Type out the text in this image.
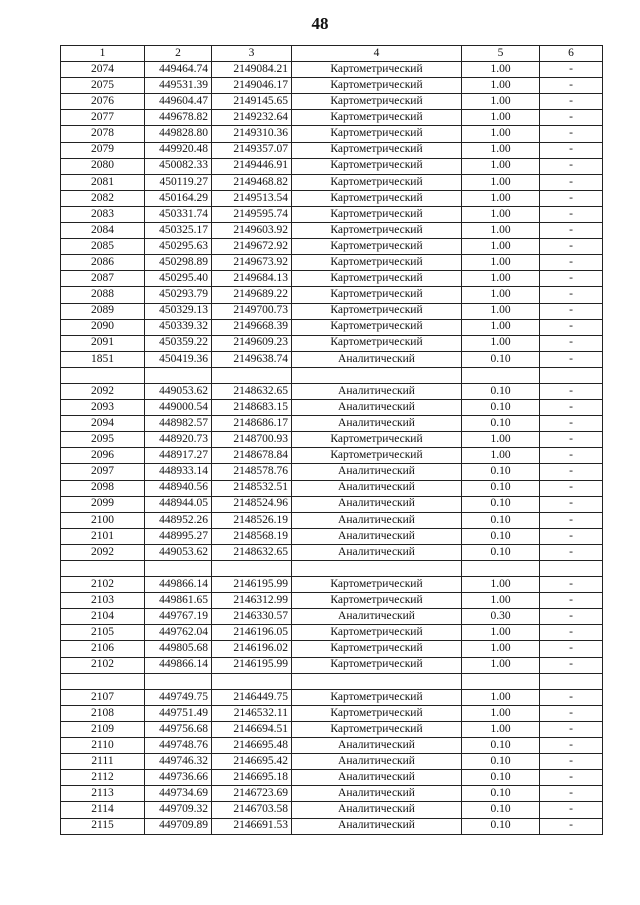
48
1	2	3	4	5	6
2074	449464.74	2149084.21	Картометрический	1.00	-
2075	449531.39	2149046.17	Картометрический	1.00	-
2076	449604.47	2149145.65	Картометрический	1.00	-
2077	449678.82	2149232.64	Картометрический	1.00	-
2078	449828.80	2149310.36	Картометрический	1.00	-
2079	449920.48	2149357.07	Картометрический	1.00	-
2080	450082.33	2149446.91	Картометрический	1.00	-
2081	450119.27	2149468.82	Картометрический	1.00	-
2082	450164.29	2149513.54	Картометрический	1.00	-
2083	450331.74	2149595.74	Картометрический	1.00	-
2084	450325.17	2149603.92	Картометрический	1.00	-
2085	450295.63	2149672.92	Картометрический	1.00	-
2086	450298.89	2149673.92	Картометрический	1.00	-
2087	450295.40	2149684.13	Картометрический	1.00	-
2088	450293.79	2149689.22	Картометрический	1.00	-
2089	450329.13	2149700.73	Картометрический	1.00	-
2090	450339.32	2149668.39	Картометрический	1.00	-
2091	450359.22	2149609.23	Картометрический	1.00	-
1851	450419.36	2149638.74	Аналитический	0.10	-

2092	449053.62	2148632.65	Аналитический	0.10	-
2093	449000.54	2148683.15	Аналитический	0.10	-
2094	448982.57	2148686.17	Аналитический	0.10	-
2095	448920.73	2148700.93	Картометрический	1.00	-
2096	448917.27	2148678.84	Картометрический	1.00	-
2097	448933.14	2148578.76	Аналитический	0.10	-
2098	448940.56	2148532.51	Аналитический	0.10	-
2099	448944.05	2148524.96	Аналитический	0.10	-
2100	448952.26	2148526.19	Аналитический	0.10	-
2101	448995.27	2148568.19	Аналитический	0.10	-
2092	449053.62	2148632.65	Аналитический	0.10	-

2102	449866.14	2146195.99	Картометрический	1.00	-
2103	449861.65	2146312.99	Картометрический	1.00	-
2104	449767.19	2146330.57	Аналитический	0.30	-
2105	449762.04	2146196.05	Картометрический	1.00	-
2106	449805.68	2146196.02	Картометрический	1.00	-
2102	449866.14	2146195.99	Картометрический	1.00	-

2107	449749.75	2146449.75	Картометрический	1.00	-
2108	449751.49	2146532.11	Картометрический	1.00	-
2109	449756.68	2146694.51	Картометрический	1.00	-
2110	449748.76	2146695.48	Аналитический	0.10	-
2111	449746.32	2146695.42	Аналитический	0.10	-
2112	449736.66	2146695.18	Аналитический	0.10	-
2113	449734.69	2146723.69	Аналитический	0.10	-
2114	449709.32	2146703.58	Аналитический	0.10	-
2115	449709.89	2146691.53	Аналитический	0.10	-
